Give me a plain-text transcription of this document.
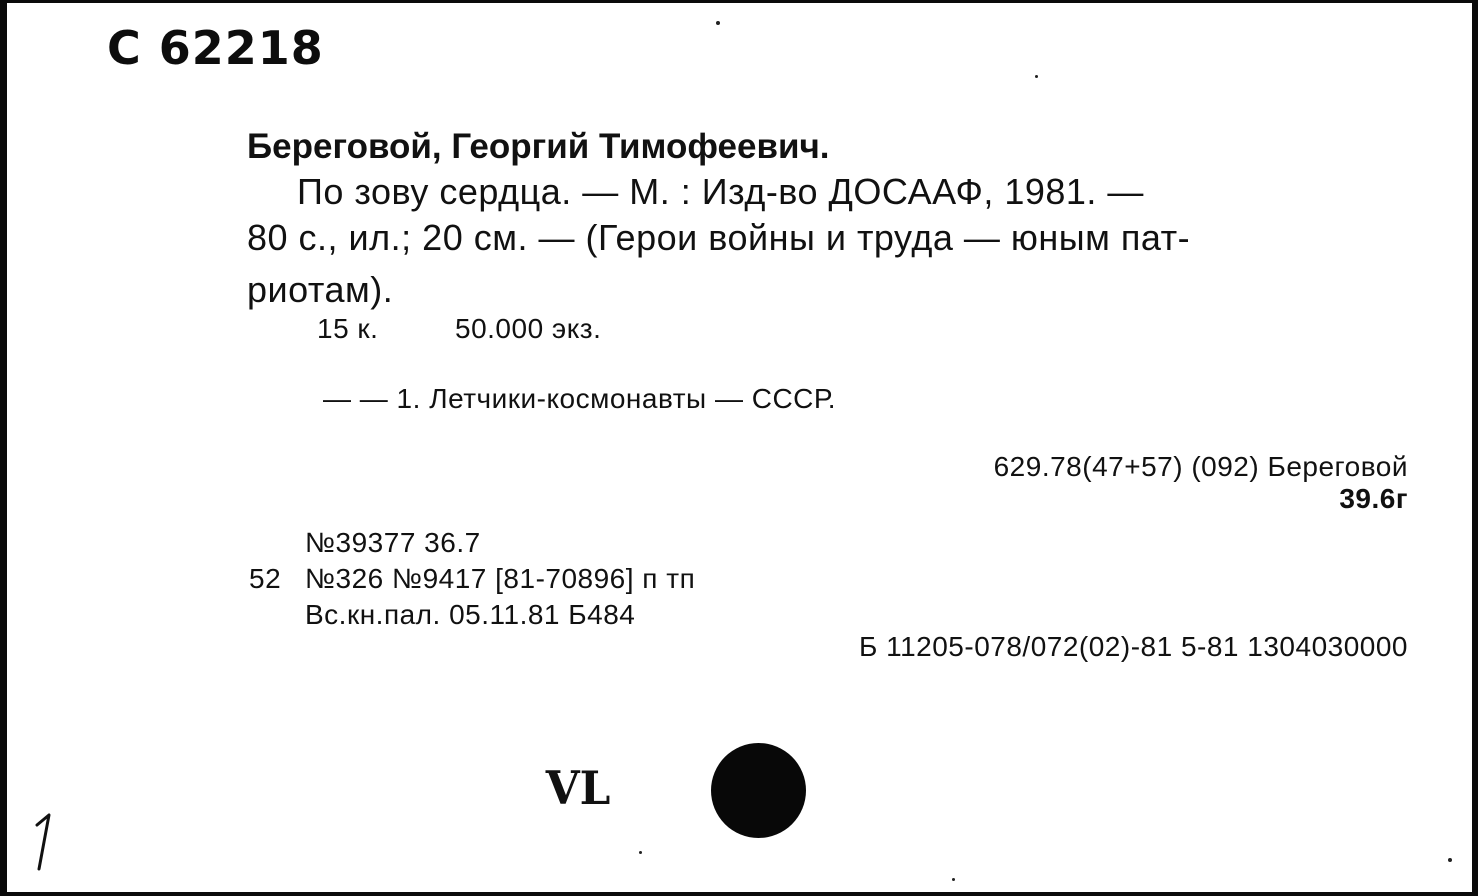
С 62218
Береговой, Георгий Тимофеевич.
По зову сердца. — М. : Изд-во ДОСААФ, 1981. —
80 с., ил.; 20 см. — (Герои войны и труда — юным пат-
риотам).
15 к.	50.000 экз.
— — 1. Летчики-космонавты — СССР.
629.78(47+57) (092) Береговой
39.6г
№39377 36.7
52 №326 №9417 [81-70896] п тп
Вс.кн.пал. 05.11.81 Б484
Б 11205-078/072(02)-81 5-81 1304030000
VL
